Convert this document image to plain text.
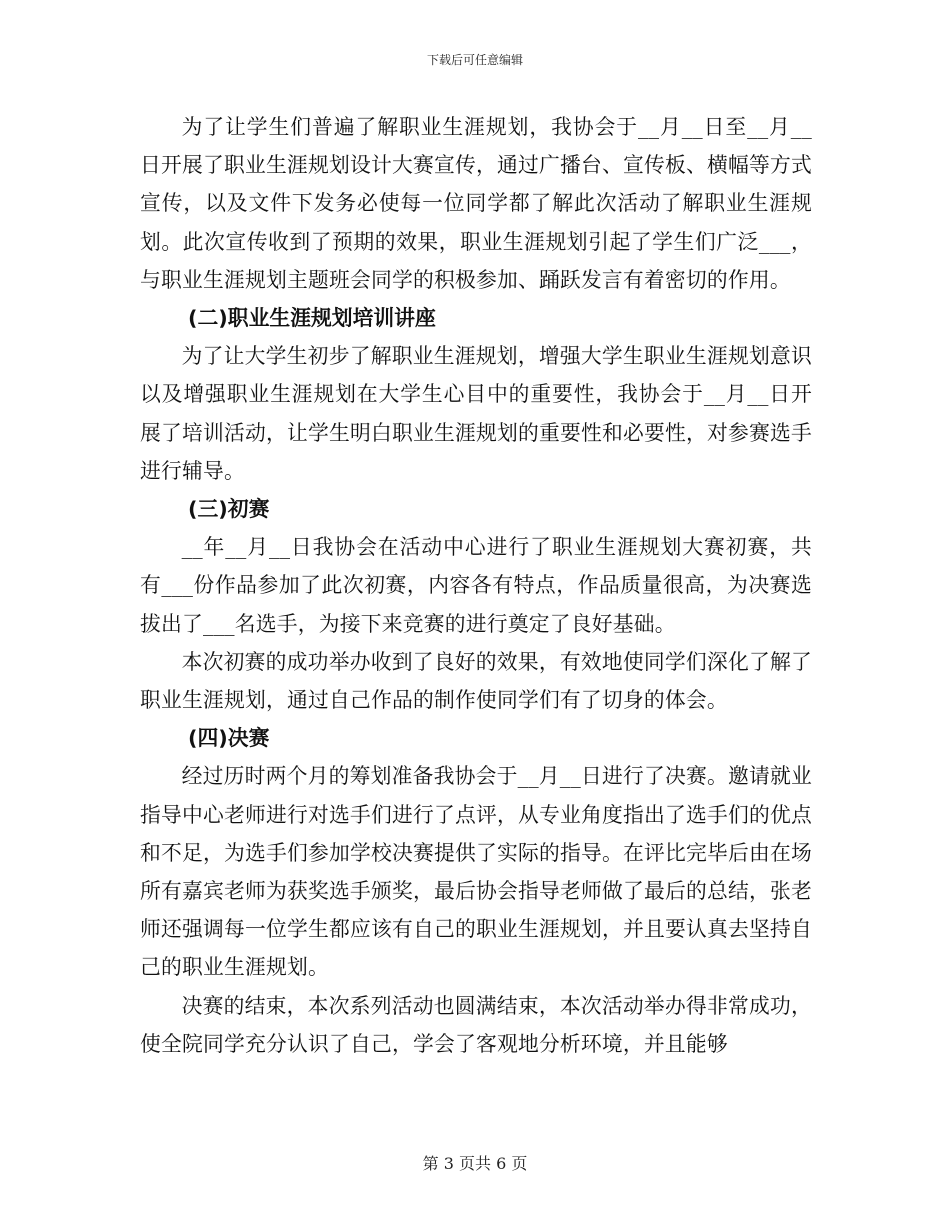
下载后可任意编辑

为了让学生们普遍了解职业生涯规划，我协会于__月__日至__月__日开展了职业生涯规划设计大赛宣传，通过广播台、宣传板、横幅等方式宣传，以及文件下发务必使每一位同学都了解此次活动了解职业生涯规划。此次宣传收到了预期的效果，职业生涯规划引起了学生们广泛___，与职业生涯规划主题班会同学的积极参加、踊跃发言有着密切的作用。

(二)职业生涯规划培训讲座

为了让大学生初步了解职业生涯规划，增强大学生职业生涯规划意识以及增强职业生涯规划在大学生心目中的重要性，我协会于__月__日开展了培训活动，让学生明白职业生涯规划的重要性和必要性，对参赛选手进行辅导。

(三)初赛

__年__月__日我协会在活动中心进行了职业生涯规划大赛初赛，共有___份作品参加了此次初赛，内容各有特点，作品质量很高，为决赛选拔出了___名选手，为接下来竞赛的进行奠定了良好基础。

本次初赛的成功举办收到了良好的效果，有效地使同学们深化了解了职业生涯规划，通过自己作品的制作使同学们有了切身的体会。

(四)决赛

经过历时两个月的筹划准备我协会于__月__日进行了决赛。邀请就业指导中心老师进行对选手们进行了点评，从专业角度指出了选手们的优点和不足，为选手们参加学校决赛提供了实际的指导。在评比完毕后由在场所有嘉宾老师为获奖选手颁奖，最后协会指导老师做了最后的总结，张老师还强调每一位学生都应该有自己的职业生涯规划，并且要认真去坚持自己的职业生涯规划。

决赛的结束，本次系列活动也圆满结束，本次活动举办得非常成功，使全院同学充分认识了自己，学会了客观地分析环境，并且能够

第 3 页共 6 页
